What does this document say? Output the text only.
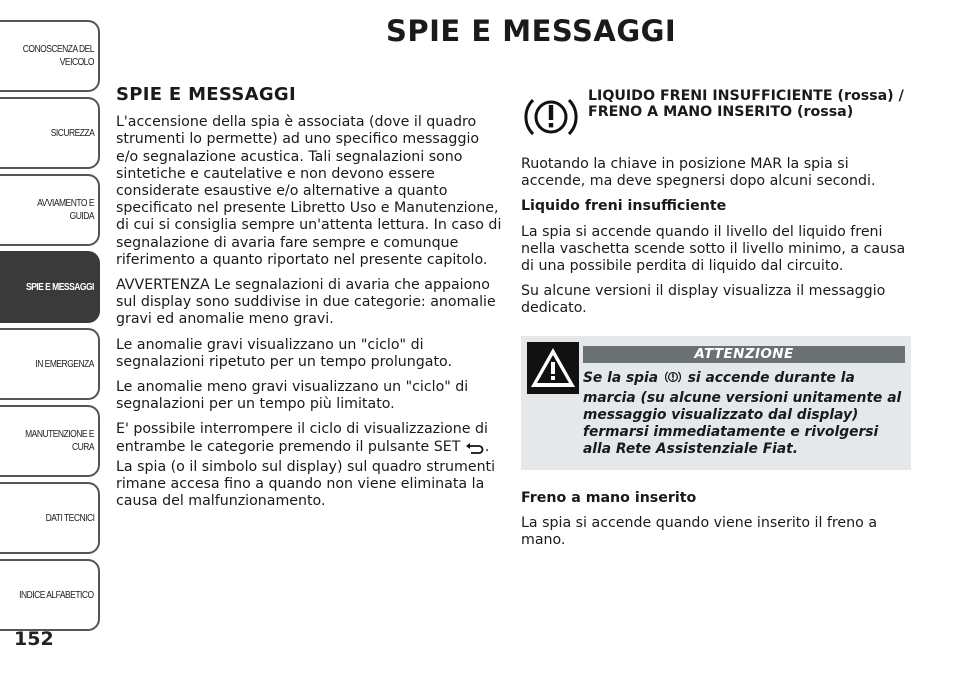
CONOSCENZA DEL VEICOLO
SICUREZZA
AVVIAMENTO E GUIDA
SPIE E MESSAGGI
IN EMERGENZA
MANUTENZIONE E CURA
DATI TECNICI
INDICE ALFABETICO
152
SPIE E MESSAGGI
SPIE E MESSAGGI

L'accensione della spia è associata (dove il quadro strumenti lo permette) ad uno specifico messaggio e/o segnalazione acustica. Tali segnalazioni sono sintetiche e cautelative e non devono essere considerate esaustive e/o alternative a quanto specificato nel presente Libretto Uso e Manutenzione, di cui si consiglia sempre un'attenta lettura. In caso di segnalazione di avaria fare sempre e comunque riferimento a quanto riportato nel presente capitolo.

AVVERTENZA Le segnalazioni di avaria che appaiono sul display sono suddivise in due categorie: anomalie gravi ed anomalie meno gravi.

Le anomalie gravi visualizzano un "ciclo" di segnalazioni ripetuto per un tempo prolungato.

Le anomalie meno gravi visualizzano un "ciclo" di segnalazioni per un tempo più limitato.

E' possibile interrompere il ciclo di visualizzazione di entrambe le categorie premendo il pulsante SET . La spia (o il simbolo sul display) sul quadro strumenti rimane accesa fino a quando non viene eliminata la causa del malfunzionamento.

LIQUIDO FRENI INSUFFICIENTE (rossa) / FRENO A MANO INSERITO (rossa)

Ruotando la chiave in posizione MAR la spia si accende, ma deve spegnersi dopo alcuni secondi.

Liquido freni insufficiente

La spia si accende quando il livello del liquido freni nella vaschetta scende sotto il livello minimo, a causa di una possibile perdita di liquido dal circuito.

Su alcune versioni il display visualizza il messaggio dedicato.

ATTENZIONE
Se la spia si accende durante la marcia (su alcune versioni unitamente al messaggio visualizzato dal display) fermarsi immediatamente e rivolgersi alla Rete Assistenziale Fiat.

Freno a mano inserito

La spia si accende quando viene inserito il freno a mano.
